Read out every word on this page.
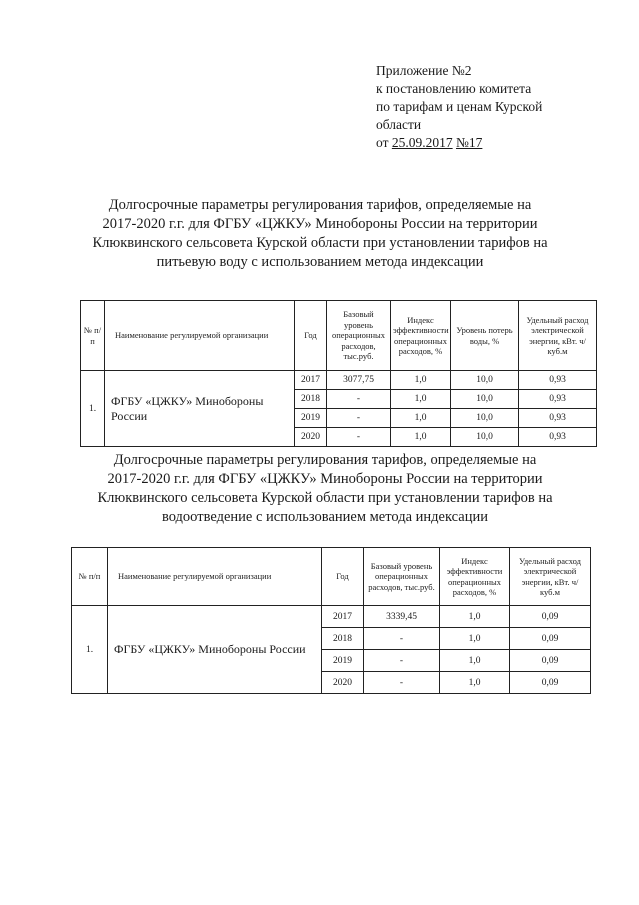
Приложение №2
к постановлению комитета
по тарифам и ценам Курской
области
от 25.09.2017 №17
Долгосрочные параметры регулирования тарифов, определяемые на
2017-2020 г.г. для ФГБУ «ЦЖКУ» Минобороны России на территории
Клюквинского сельсовета Курской области при установлении тарифов на
питьевую воду с использованием метода индексации
№ п/п	Наименование регулируемой организации	Год	Базовый уровень операционных расходов, тыс.руб.	Индекс эффективности операционных расходов, %	Уровень потерь воды, %	Удельный расход электрической энергии, кВт. ч/куб.м
1.	ФГБУ «ЦЖКУ» Минобороны России	2017	3077,75	1,0	10,0	0,93
		2018	-	1,0	10,0	0,93
		2019	-	1,0	10,0	0,93
		2020	-	1,0	10,0	0,93
Долгосрочные параметры регулирования тарифов, определяемые на
2017-2020 г.г. для ФГБУ «ЦЖКУ» Минобороны России на территории
Клюквинского сельсовета Курской области при установлении тарифов на
водоотведение с использованием метода индексации
№ п/п	Наименование регулируемой организации	Год	Базовый уровень операционных расходов, тыс.руб.	Индекс эффективности операционных расходов, %	Удельный расход электрической энергии, кВт. ч/куб.м
1.	ФГБУ «ЦЖКУ» Минобороны России	2017	3339,45	1,0	0,09
		2018	-	1,0	0,09
		2019	-	1,0	0,09
		2020	-	1,0	0,09
